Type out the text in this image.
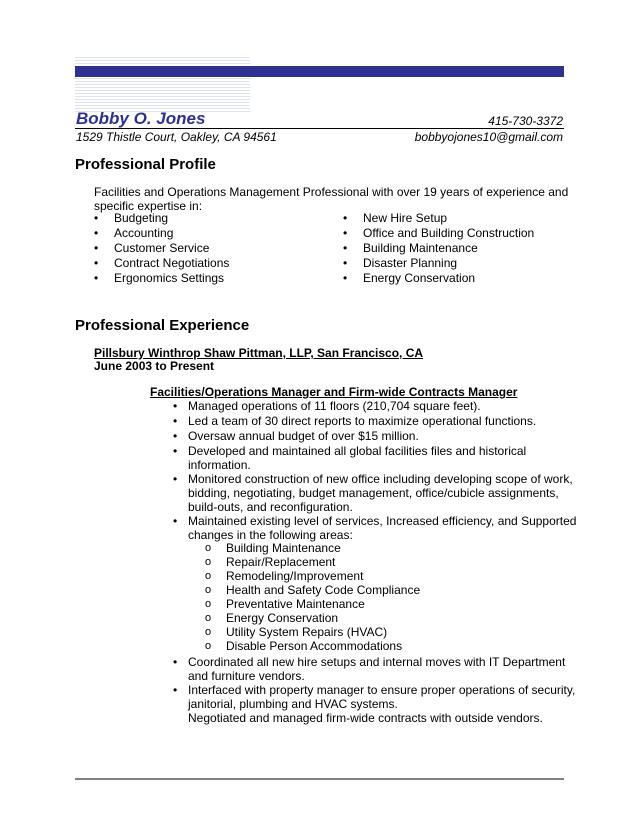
Bobby O. Jones	415-730-3372
1529 Thistle Court, Oakley, CA 94561	bobbyojones10@gmail.com
Professional Profile

Facilities and Operations Management Professional with over 19 years of experience and

specific expertise in:

• Budgeting
• Accounting
• Customer Service
• Contract Negotiations
• Ergonomics Settings
• New Hire Setup
• Office and Building Construction
• Building Maintenance
• Disaster Planning
• Energy Conservation
Professional Experience
Pillsbury Winthrop Shaw Pittman, LLP, San Francisco, CA
June 2003 to Present
Facilities/Operations Manager and Firm-wide Contracts Manager
• Managed operations of 11 floors (210,704 square feet).

• Led a team of 30 direct reports to maximize operational functions.

• Oversaw annual budget of over $15 million.

• Developed and maintained all global facilities files and historical

information.

• Monitored construction of new office including developing scope of work,

bidding, negotiating, budget management, office/cubicle assignments,

build-outs, and reconfiguration.

• Maintained existing level of services, Increased efficiency, and Supported

changes in the following areas:

o Building Maintenance
o Repair/Replacement
o Remodeling/Improvement
o Health and Safety Code Compliance
o Preventative Maintenance
o Energy Conservation
o Utility System Repairs (HVAC)
o Disable Person Accommodations
• Coordinated all new hire setups and internal moves with IT Department

and furniture vendors.

• Interfaced with property manager to ensure proper operations of security,

janitorial, plumbing and HVAC systems.

Negotiated and managed firm-wide contracts with outside vendors.
